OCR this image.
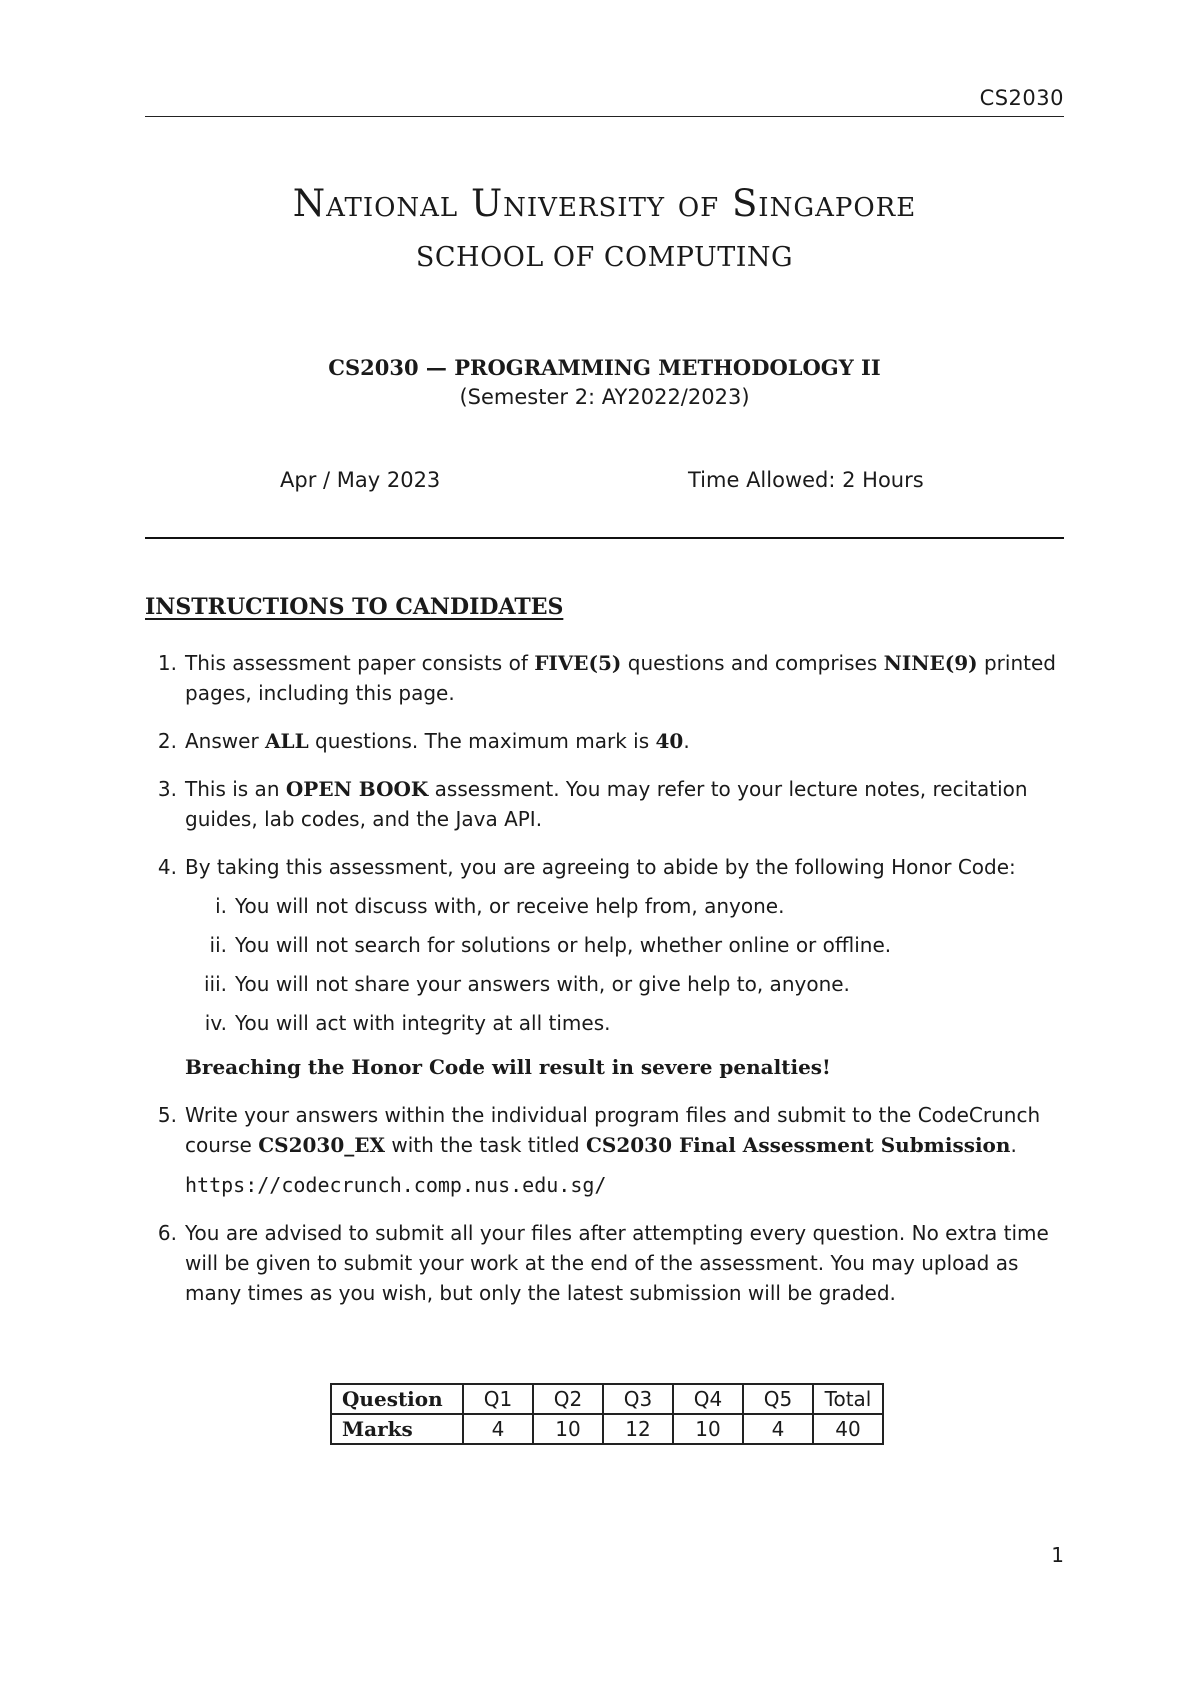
CS2030
National University of Singapore
SCHOOL OF COMPUTING
CS2030 — PROGRAMMING METHODOLOGY II
(Semester 2: AY2022/2023)
Apr / May 2023	Time Allowed: 2 Hours
INSTRUCTIONS TO CANDIDATES
1. This assessment paper consists of FIVE(5) questions and comprises NINE(9) printed pages, including this page.
2. Answer ALL questions. The maximum mark is 40.
3. This is an OPEN BOOK assessment. You may refer to your lecture notes, recitation guides, lab codes, and the Java API.
4. By taking this assessment, you are agreeing to abide by the following Honor Code:
i. You will not discuss with, or receive help from, anyone.
ii. You will not search for solutions or help, whether online or offline.
iii. You will not share your answers with, or give help to, anyone.
iv. You will act with integrity at all times.
Breaching the Honor Code will result in severe penalties!
5. Write your answers within the individual program files and submit to the CodeCrunch course CS2030_EX with the task titled CS2030 Final Assessment Submission.
https://codecrunch.comp.nus.edu.sg/
6. You are advised to submit all your files after attempting every question. No extra time will be given to submit your work at the end of the assessment. You may upload as many times as you wish, but only the latest submission will be graded.
Question	Q1	Q2	Q3	Q4	Q5	Total
Marks	4	10	12	10	4	40
1
